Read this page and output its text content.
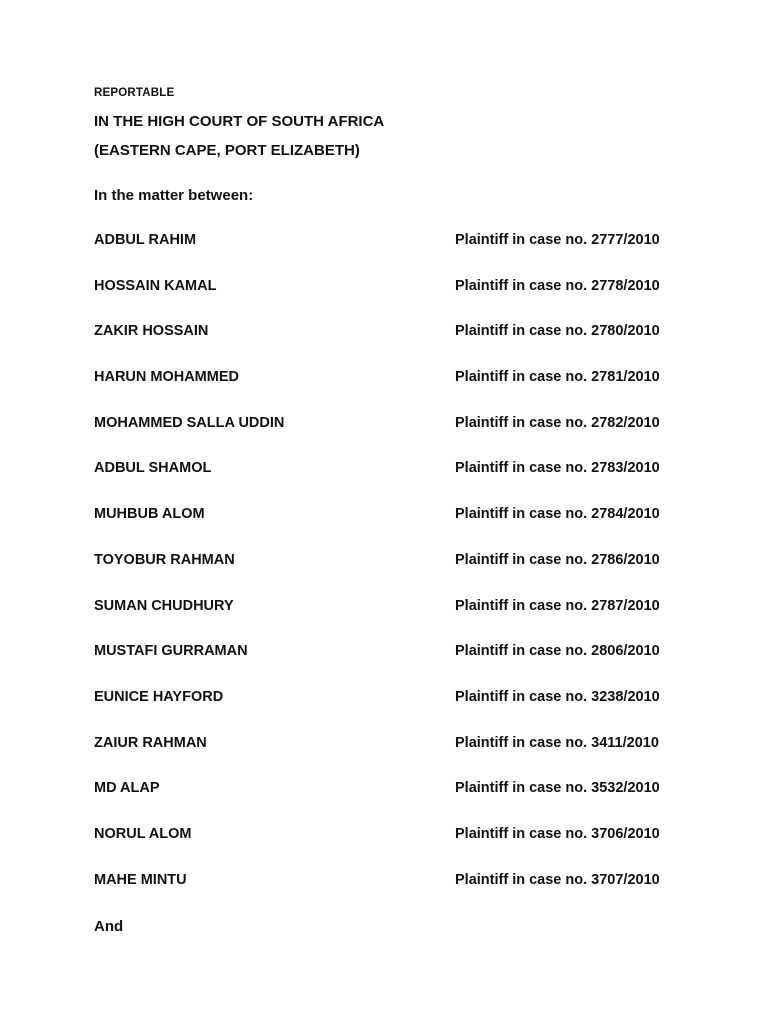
REPORTABLE
IN THE HIGH COURT OF SOUTH AFRICA
(EASTERN CAPE, PORT ELIZABETH)
In the matter between:
ADBUL RAHIM	Plaintiff in case no. 2777/2010
HOSSAIN KAMAL	Plaintiff in case no. 2778/2010
ZAKIR HOSSAIN	Plaintiff in case no. 2780/2010
HARUN MOHAMMED	Plaintiff in case no. 2781/2010
MOHAMMED SALLA UDDIN	Plaintiff in case no. 2782/2010
ADBUL SHAMOL	Plaintiff in case no. 2783/2010
MUHBUB ALOM	Plaintiff in case no. 2784/2010
TOYOBUR RAHMAN	Plaintiff in case no. 2786/2010
SUMAN CHUDHURY	Plaintiff in case no. 2787/2010
MUSTAFI GURRAMAN	Plaintiff in case no. 2806/2010
EUNICE HAYFORD	Plaintiff in case no. 3238/2010
ZAIUR RAHMAN	Plaintiff in case no. 3411/2010
MD ALAP	Plaintiff in case no. 3532/2010
NORUL ALOM	Plaintiff in case no. 3706/2010
MAHE MINTU	Plaintiff in case no. 3707/2010
And
